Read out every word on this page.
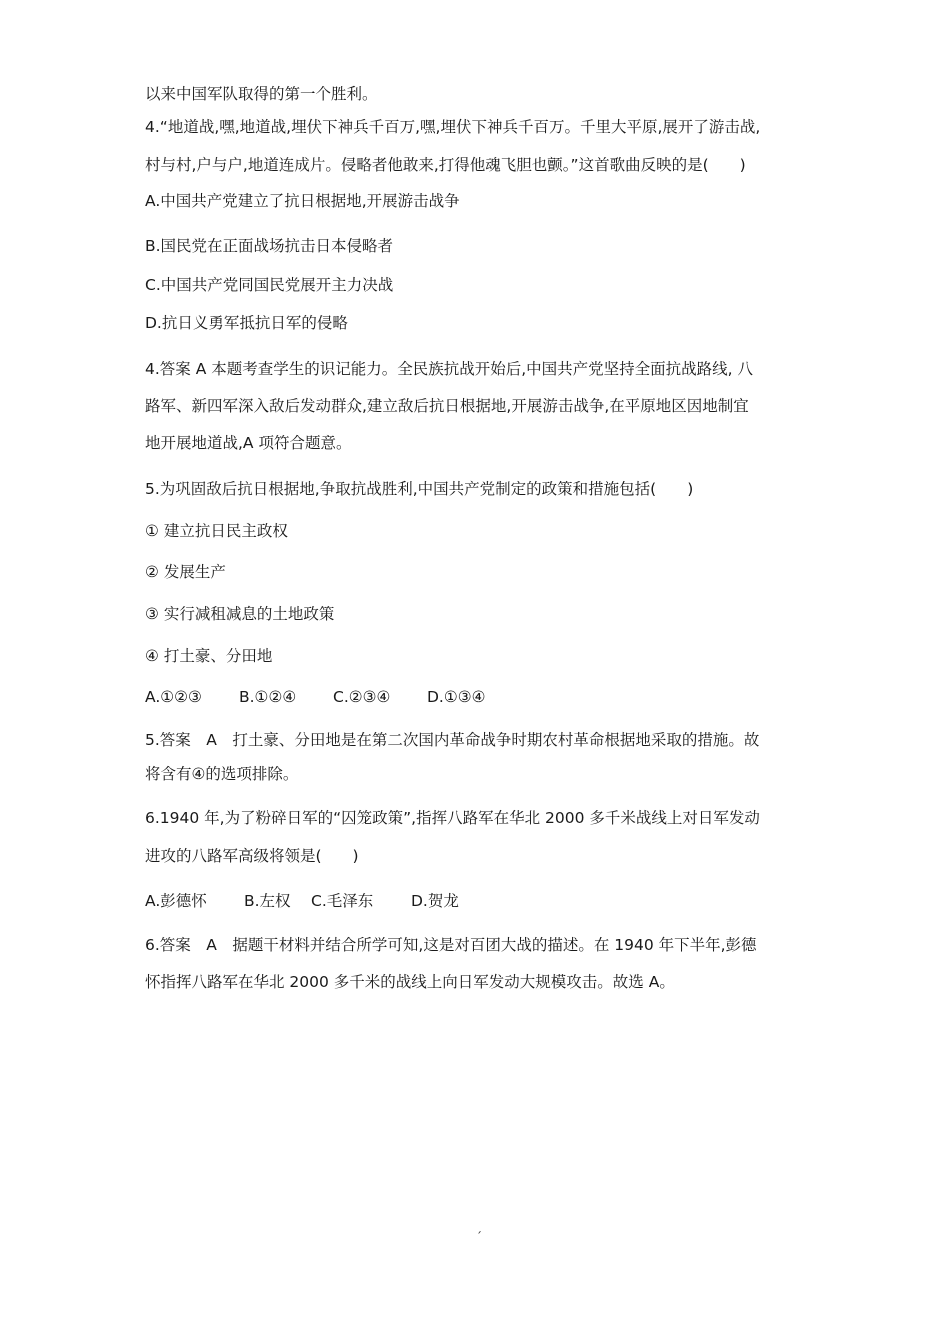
以来中国军队取得的第一个胜利。
4.“地道战,嘿,地道战,埋伏下神兵千百万,嘿,埋伏下神兵千百万。千里大平原,展开了游击战,
村与村,户与户,地道连成片。侵略者他敢来,打得他魂飞胆也颤。”这首歌曲反映的是(　　)
A.中国共产党建立了抗日根据地,开展游击战争
B.国民党在正面战场抗击日本侵略者
C.中国共产党同国民党展开主力决战
D.抗日义勇军抵抗日军的侵略
4.答案 A 本题考查学生的识记能力。全民族抗战开始后,中国共产党坚持全面抗战路线, 八
路军、新四军深入敌后发动群众,建立敌后抗日根据地,开展游击战争,在平原地区因地制宜
地开展地道战,A 项符合题意。
5.为巩固敌后抗日根据地,争取抗战胜利,中国共产党制定的政策和措施包括(　　)
① 建立抗日民主政权
② 发展生产
③ 实行减租减息的土地政策
④ 打土豪、分田地
A.①②③ B.①②④ C.②③④ D.①③④
5.答案　A　打土豪、分田地是在第二次国内革命战争时期农村革命根据地采取的措施。故
将含有④的选项排除。
6.1940 年,为了粉碎日军的“囚笼政策”,指挥八路军在华北 2000 多千米战线上对日军发动
进攻的八路军高级将领是(　　)
A.彭德怀 B.左权 C.毛泽东 D.贺龙
6.答案　A　据题干材料并结合所学可知,这是对百团大战的描述。在 1940 年下半年,彭德
怀指挥八路军在华北 2000 多千米的战线上向日军发动大规模攻击。故选 A。
ˊ
